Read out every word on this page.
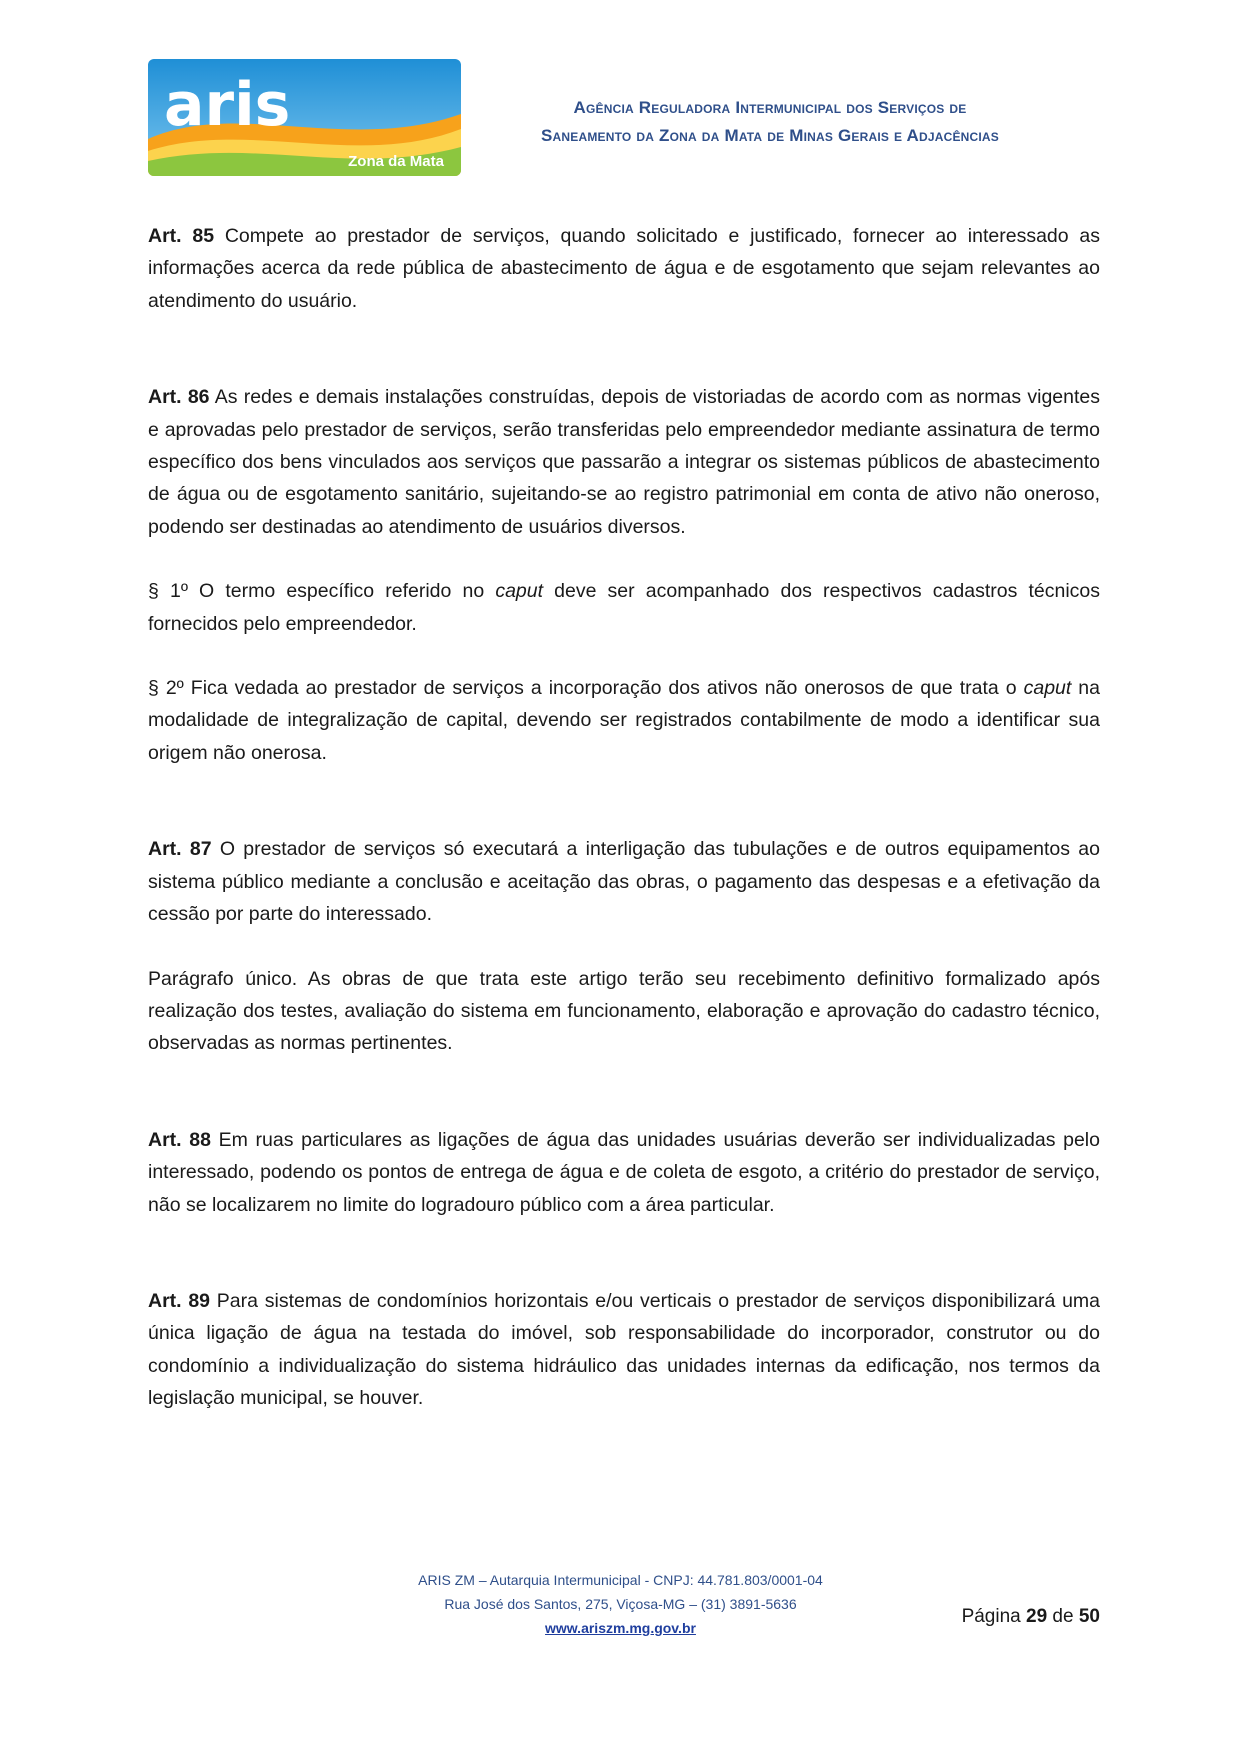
aris
Zona da Mata
Agência Reguladora Intermunicipal dos Serviços de
Saneamento da Zona da Mata de Minas Gerais e Adjacências

Art. 85 Compete ao prestador de serviços, quando solicitado e justificado, fornecer ao interessado as informações acerca da rede pública de abastecimento de água e de esgotamento que sejam relevantes ao atendimento do usuário.

Art. 86 As redes e demais instalações construídas, depois de vistoriadas de acordo com as normas vigentes e aprovadas pelo prestador de serviços, serão transferidas pelo empreendedor mediante assinatura de termo específico dos bens vinculados aos serviços que passarão a integrar os sistemas públicos de abastecimento de água ou de esgotamento sanitário, sujeitando-se ao registro patrimonial em conta de ativo não oneroso, podendo ser destinadas ao atendimento de usuários diversos.

§ 1º O termo específico referido no caput deve ser acompanhado dos respectivos cadastros técnicos fornecidos pelo empreendedor.

§ 2º Fica vedada ao prestador de serviços a incorporação dos ativos não onerosos de que trata o caput na modalidade de integralização de capital, devendo ser registrados contabilmente de modo a identificar sua origem não onerosa.

Art. 87 O prestador de serviços só executará a interligação das tubulações e de outros equipamentos ao sistema público mediante a conclusão e aceitação das obras, o pagamento das despesas e a efetivação da cessão por parte do interessado.

Parágrafo único. As obras de que trata este artigo terão seu recebimento definitivo formalizado após realização dos testes, avaliação do sistema em funcionamento, elaboração e aprovação do cadastro técnico, observadas as normas pertinentes.

Art. 88 Em ruas particulares as ligações de água das unidades usuárias deverão ser individualizadas pelo interessado, podendo os pontos de entrega de água e de coleta de esgoto, a critério do prestador de serviço, não se localizarem no limite do logradouro público com a área particular.

Art. 89 Para sistemas de condomínios horizontais e/ou verticais o prestador de serviços disponibilizará uma única ligação de água na testada do imóvel, sob responsabilidade do incorporador, construtor ou do condomínio a individualização do sistema hidráulico das unidades internas da edificação, nos termos da legislação municipal, se houver.

ARIS ZM – Autarquia Intermunicipal - CNPJ: 44.781.803/0001-04
Rua José dos Santos, 275, Viçosa-MG – (31) 3891-5636
www.ariszm.mg.gov.br
Página 29 de 50
